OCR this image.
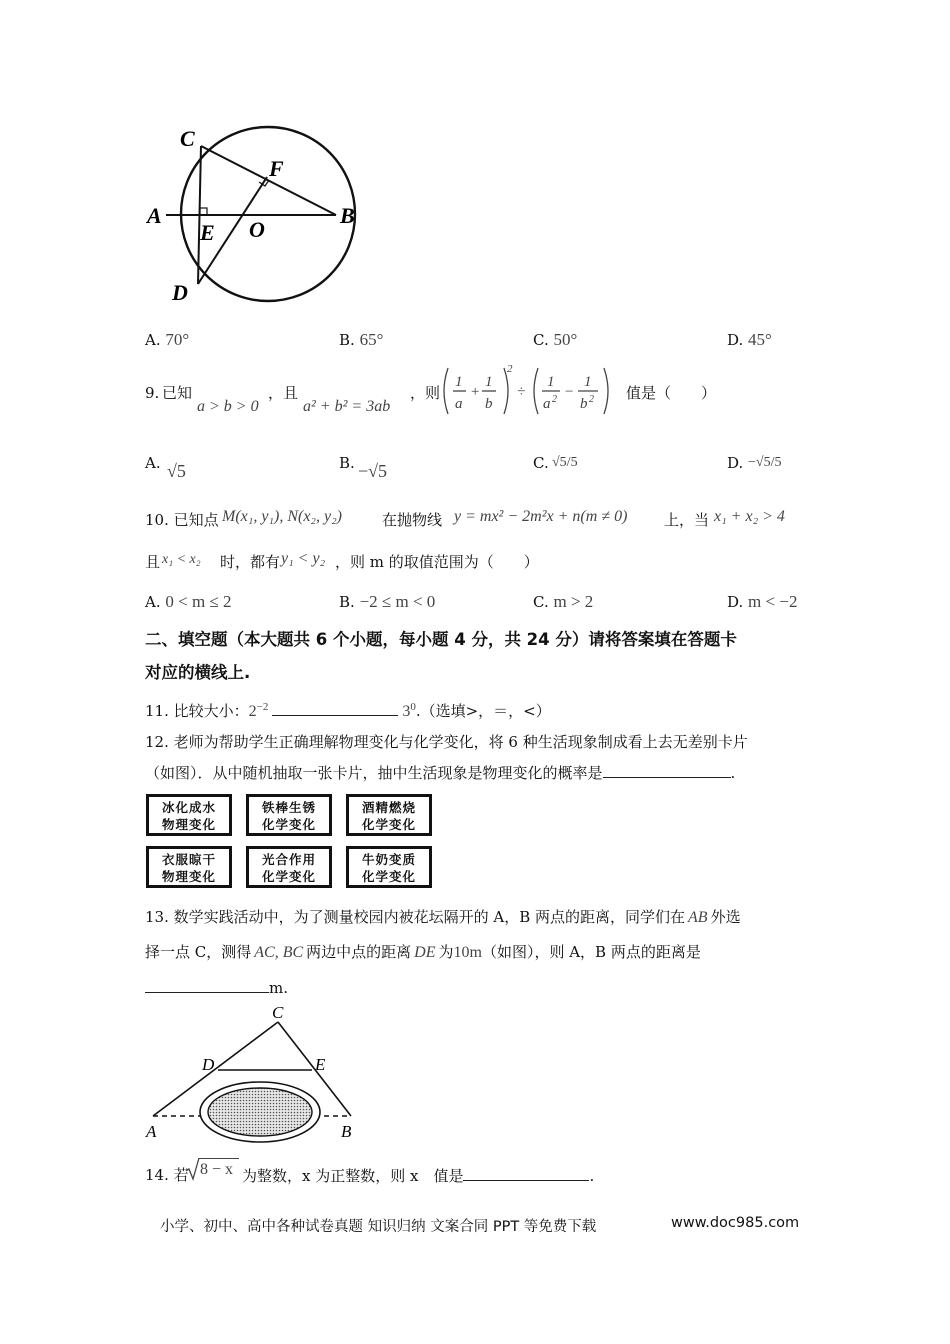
C
F
A
E O
B
D
A. 70°	B. 65°	C. 50°	D. 45°
9. 已知
a > b > 0
，且
a² + b² = 3ab
，则
1
a
+
1
b
2
÷
1
a 2 −
1
b 2 值是（　　）
A. √5	B. −√5	C. √5/5	D. −√5/5
10. 已知点 M(x₁, y₁), N(x₂, y₂)	在抛物线 y = mx² − 2m²x + n(m ≠ 0) 上，当 x₁ + x₂ > 4
且 x₁ < x₂ 时，都有 y₁ < y₂ ，则 m 的取值范围为（　　）
A. 0 < m ≤ 2	B. −2 ≤ m < 0	C. m > 2	D. m < −2
二、填空题（本大题共 6 个小题，每小题 4 分，共 24 分）请将答案填在答题卡
对应的横线上.
11. 比较大小：$2^{-2}$	$3^0$.（选填>，＝，<）
12. 老师为帮助学生正确理解物理变化与化学变化，将 6 种生活现象制成看上去无差别卡片
（如图）．从中随机抽取一张卡片，抽中生活现象是物理变化的概率是	.
冰化成水
物理变化
铁棒生锈
化学变化
酒精燃烧
化学变化
衣服晾干
物理变化
光合作用
化学变化
牛奶变质
化学变化
13. 数学实践活动中，为了测量校园内被花坛隔开的 A，B 两点的距离，同学们在 AB 外选
择一点 C，测得 AC, BC 两边中点的距离 DE 为10m（如图），则 A，B 两点的距离是
m.
C
D	E
A	B
14. 若 8 − x 为整数，x 为正整数，则 x　值是	.
小学、初中、高中各种试卷真题 知识归纳 文案合同 PPT 等免费下载	www.doc985.com
